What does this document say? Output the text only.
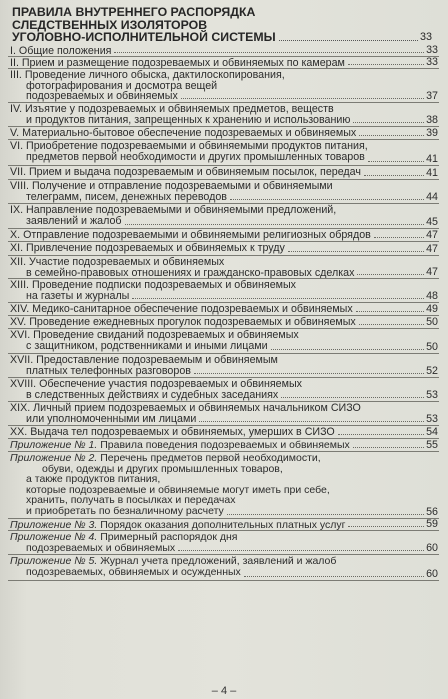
ПРАВИЛА ВНУТРЕННЕГО РАСПОРЯДКА
СЛЕДСТВЕННЫХ ИЗОЛЯТОРОВ
УГОЛОВНО-ИСПОЛНИТЕЛЬНОЙ СИСТЕМЫ	33
I. Общие положения	33
II. Прием и размещение подозреваемых и обвиняемых по камерам	33
III. Проведение личного обыска, дактилоскопирования,
фотографирования и досмотра вещей
подозреваемых и обвиняемых	37
IV. Изъятие у подозреваемых и обвиняемых предметов, веществ
и продуктов питания, запрещенных к хранению и использованию	38
V. Материально-бытовое обеспечение подозреваемых и обвиняемых	39
VI. Приобретение подозреваемыми и обвиняемыми продуктов питания,
предметов первой необходимости и других промышленных товаров	41
VII. Прием и выдача подозреваемым и обвиняемым посылок, передач	41
VIII. Получение и отправление подозреваемыми и обвиняемыми
телеграмм, писем, денежных переводов	44
IX. Направление подозреваемыми и обвиняемыми предложений,
заявлений и жалоб	45
X. Отправление подозреваемыми и обвиняемыми религиозных обрядов	47
XI. Привлечение подозреваемых и обвиняемых к труду	47
XII. Участие подозреваемых и обвиняемых
в семейно-правовых отношениях и гражданско-правовых сделках	47
XIII. Проведение подписки подозреваемых и обвиняемых
на газеты и журналы	48
XIV. Медико-санитарное обеспечение подозреваемых и обвиняемых	49
XV. Проведение ежедневных прогулок подозреваемых и обвиняемых	50
XVI. Проведение свиданий подозреваемых и обвиняемых
с защитником, родственниками и иными лицами	50
XVII. Предоставление подозреваемым и обвиняемым
платных телефонных разговоров	52
XVIII. Обеспечение участия подозреваемых и обвиняемых
в следственных действиях и судебных заседаниях	53
XIX. Личный прием подозреваемых и обвиняемых начальником СИЗО
или уполномоченными им лицами	53
XX. Выдача тел подозреваемых и обвиняемых, умерших в СИЗО	54
Приложение № 1. Правила поведения подозреваемых и обвиняемых	55
Приложение № 2. Перечень предметов первой необходимости,
обуви, одежды и других промышленных товаров,
а также продуктов питания,
которые подозреваемые и обвиняемые могут иметь при себе,
хранить, получать в посылках и передачах
и приобретать по безналичному расчету	56
Приложение № 3. Порядок оказания дополнительных платных услуг	59
Приложение № 4. Примерный распорядок дня
подозреваемых и обвиняемых	60
Приложение № 5. Журнал учета предложений, заявлений и жалоб
подозреваемых, обвиняемых и осужденных	60
– 4 –
